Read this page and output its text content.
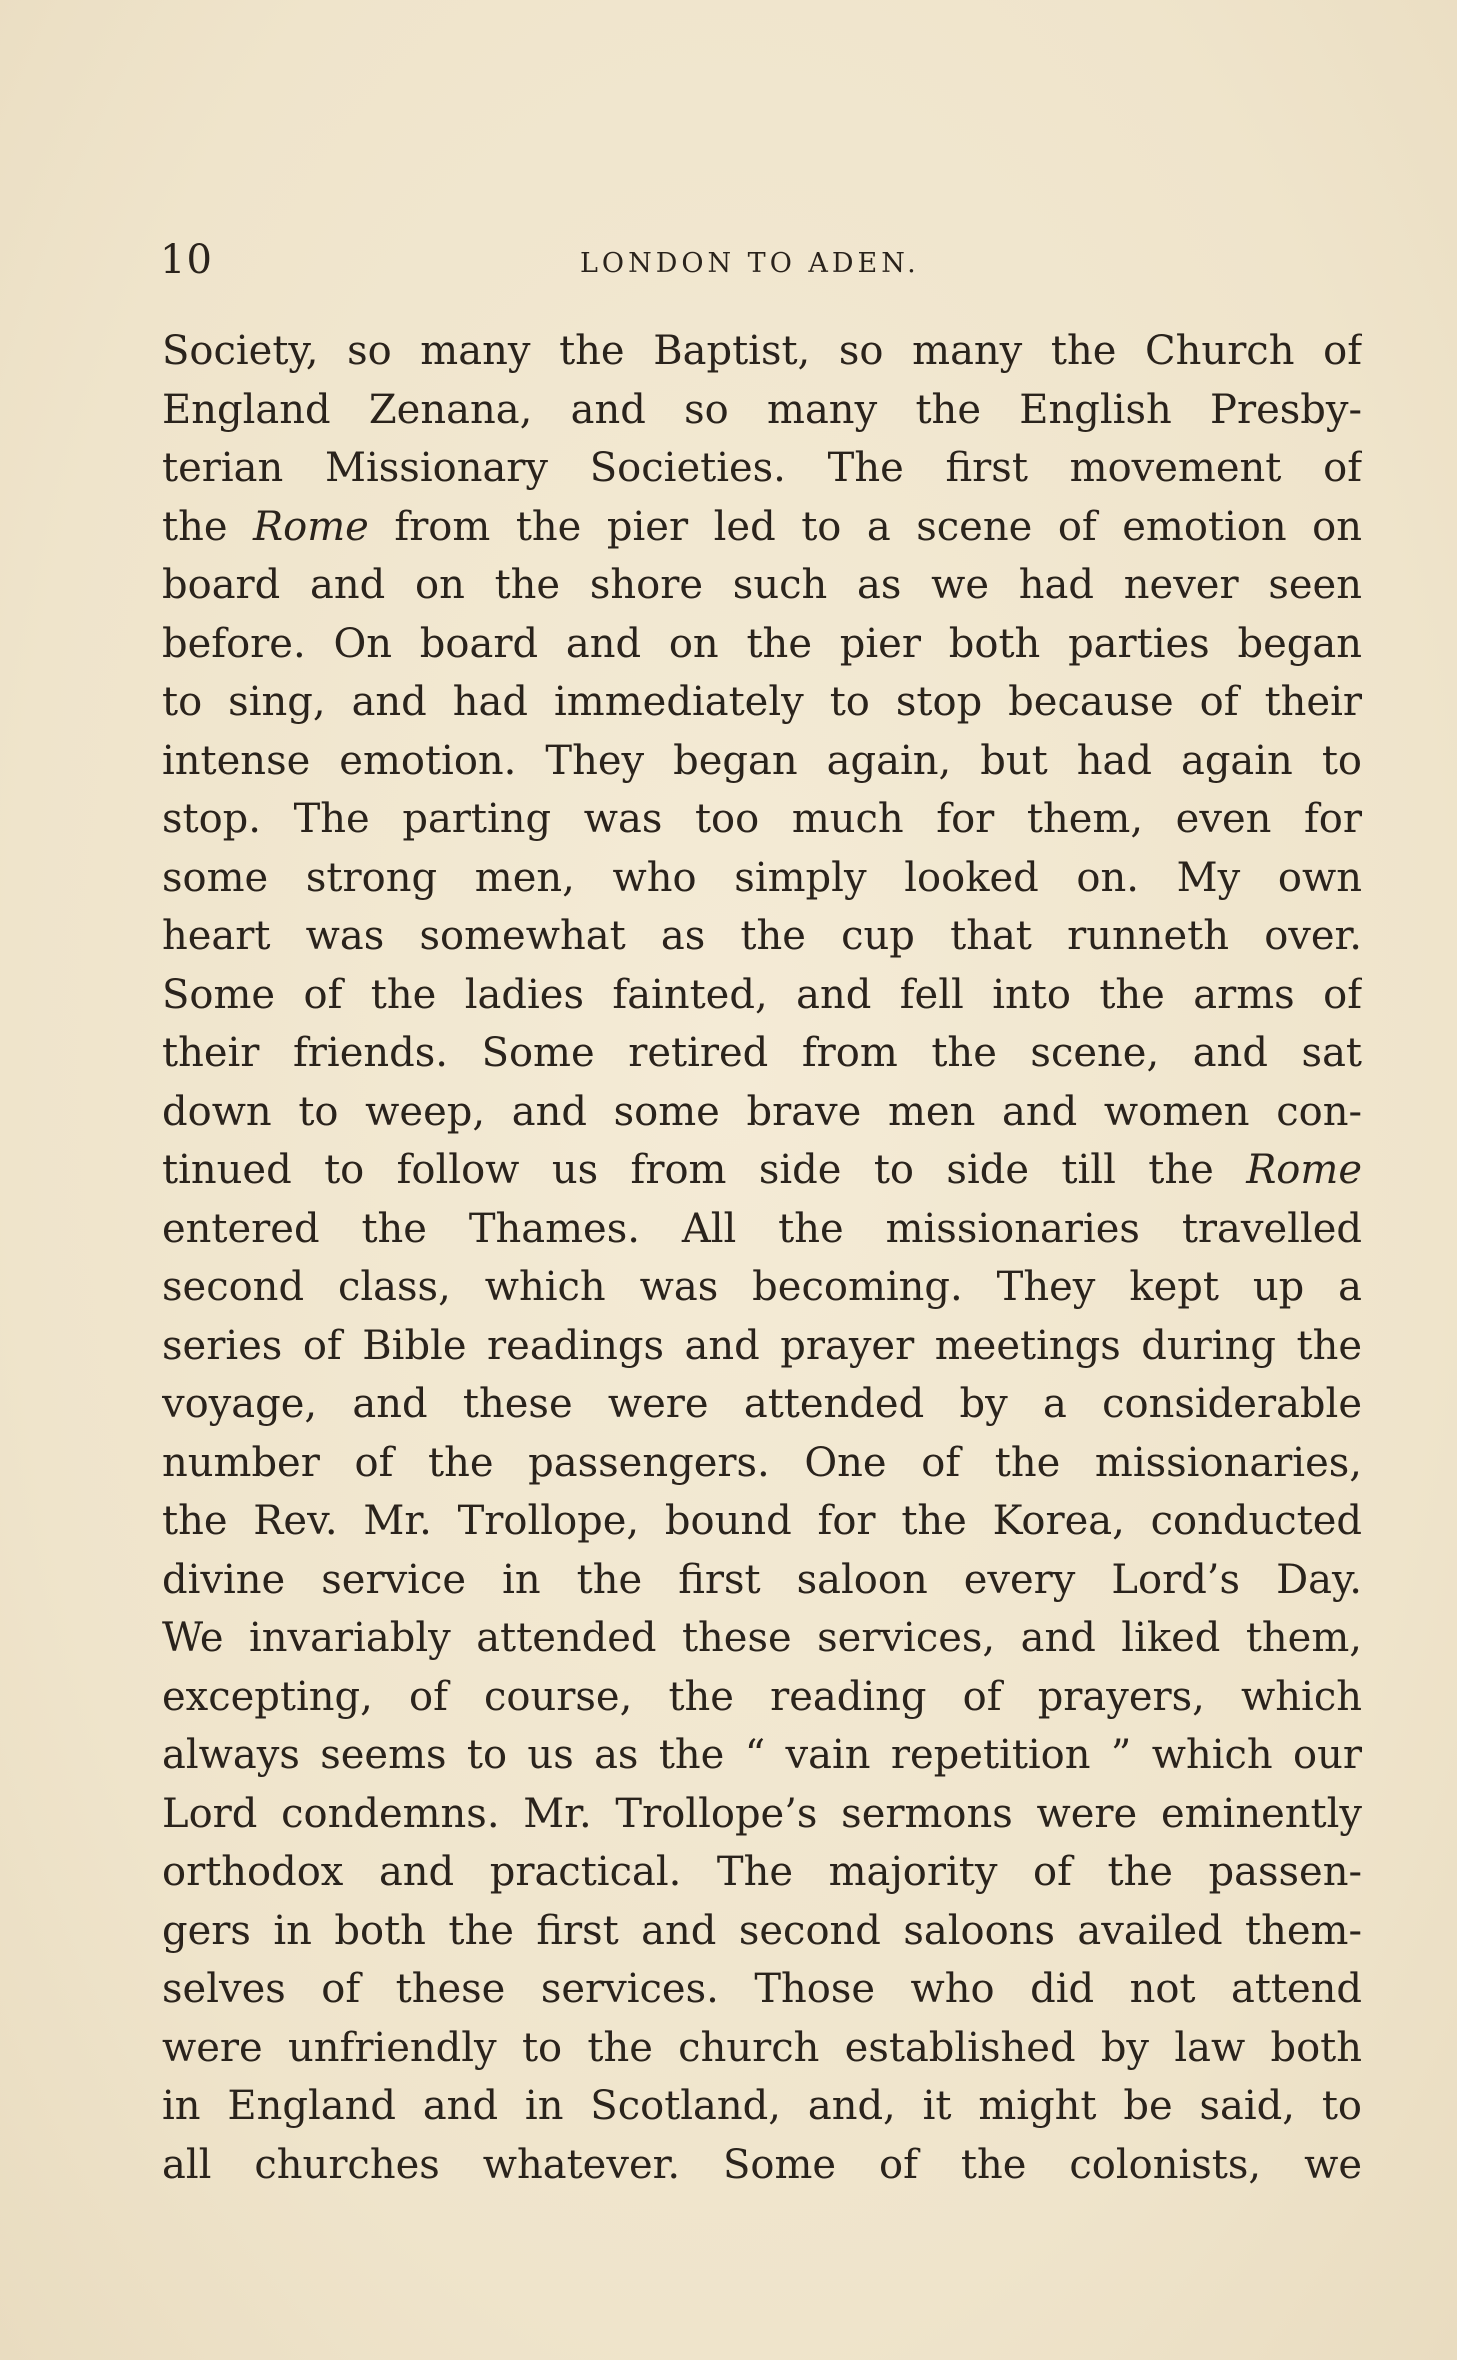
10	LONDON TO ADEN.
Society, so many the Baptist, so many the Church of
England Zenana, and so many the English Presby-
terian Missionary Societies. The first movement of
the Rome from the pier led to a scene of emotion on
board and on the shore such as we had never seen
before. On board and on the pier both parties began
to sing, and had immediately to stop because of their
intense emotion. They began again, but had again to
stop. The parting was too much for them, even for
some strong men, who simply looked on. My own
heart was somewhat as the cup that runneth over.
Some of the ladies fainted, and fell into the arms of
their friends. Some retired from the scene, and sat
down to weep, and some brave men and women con-
tinued to follow us from side to side till the Rome
entered the Thames. All the missionaries travelled
second class, which was becoming. They kept up a
series of Bible readings and prayer meetings during the
voyage, and these were attended by a considerable
number of the passengers. One of the missionaries,
the Rev. Mr. Trollope, bound for the Korea, conducted
divine service in the first saloon every Lord’s Day.
We invariably attended these services, and liked them,
excepting, of course, the reading of prayers, which
always seems to us as the “ vain repetition ” which our
Lord condemns. Mr. Trollope’s sermons were eminently
orthodox and practical. The majority of the passen-
gers in both the first and second saloons availed them-
selves of these services. Those who did not attend
were unfriendly to the church established by law both
in England and in Scotland, and, it might be said, to
all churches whatever. Some of the colonists, we
